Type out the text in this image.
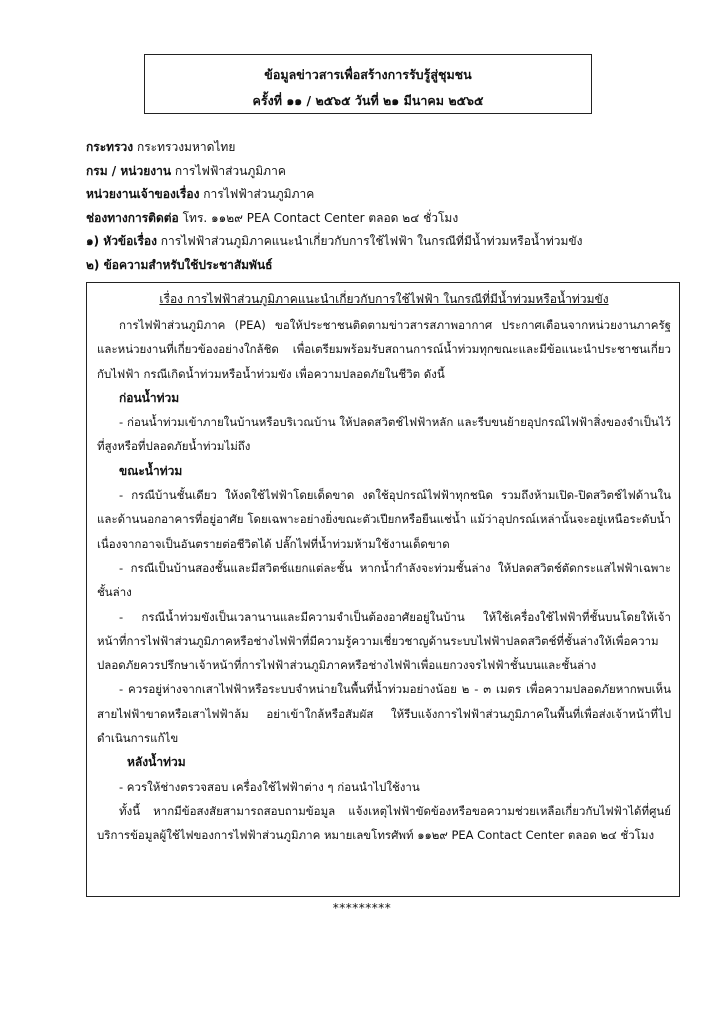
ข้อมูลข่าวสารเพื่อสร้างการรับรู้สู่ชุมชน
ครั้งที่ ๑๑ / ๒๕๖๕ วันที่ ๒๑ มีนาคม ๒๕๖๕
กระทรวง กระทรวงมหาดไทย
กรม / หน่วยงาน การไฟฟ้าส่วนภูมิภาค
หน่วยงานเจ้าของเรื่อง การไฟฟ้าส่วนภูมิภาค
ช่องทางการติดต่อ โทร. ๑๑๒๙ PEA Contact Center ตลอด ๒๔ ชั่วโมง
๑) หัวข้อเรื่อง การไฟฟ้าส่วนภูมิภาคแนะนำเกี่ยวกับการใช้ไฟฟ้า ในกรณีที่มีน้ำท่วมหรือน้ำท่วมขัง
๒) ข้อความสำหรับใช้ประชาสัมพันธ์
เรื่อง การไฟฟ้าส่วนภูมิภาคแนะนำเกี่ยวกับการใช้ไฟฟ้า ในกรณีที่มีน้ำท่วมหรือน้ำท่วมขัง
การไฟฟ้าส่วนภูมิภาค (PEA) ขอให้ประชาชนติดตามข่าวสารสภาพอากาศ ประกาศเตือนจากหน่วยงานภาครัฐและหน่วยงานที่เกี่ยวข้องอย่างใกล้ชิด เพื่อเตรียมพร้อมรับสถานการณ์น้ำท่วมทุกขณะและมีข้อแนะนำประชาชนเกี่ยวกับไฟฟ้า กรณีเกิดน้ำท่วมหรือน้ำท่วมขัง เพื่อความปลอดภัยในชีวิต ดังนี้
ก่อนน้ำท่วม
- ก่อนน้ำท่วมเข้าภายในบ้านหรือบริเวณบ้าน ให้ปลดสวิตช์ไฟฟ้าหลัก และรีบขนย้ายอุปกรณ์ไฟฟ้าสิ่งของจำเป็นไว้ที่สูงหรือที่ปลอดภัยน้ำท่วมไม่ถึง
ขณะน้ำท่วม
- กรณีบ้านชั้นเดียว ให้งดใช้ไฟฟ้าโดยเด็ดขาด งดใช้อุปกรณ์ไฟฟ้าทุกชนิด รวมถึงห้ามเปิด-ปิดสวิตช์ไฟด้านในและด้านนอกอาคารที่อยู่อาศัย โดยเฉพาะอย่างยิ่งขณะตัวเปียกหรือยืนแช่น้ำ แม้ว่าอุปกรณ์เหล่านั้นจะอยู่เหนือระดับน้ำ เนื่องจากอาจเป็นอันตรายต่อชีวิตได้ ปลั๊กไฟที่น้ำท่วมห้ามใช้งานเด็ดขาด
- กรณีเป็นบ้านสองชั้นและมีสวิตช์แยกแต่ละชั้น หากน้ำกำลังจะท่วมชั้นล่าง ให้ปลดสวิตช์ตัดกระแสไฟฟ้าเฉพาะชั้นล่าง
- กรณีน้ำท่วมขังเป็นเวลานานและมีความจำเป็นต้องอาศัยอยู่ในบ้าน ให้ใช้เครื่องใช้ไฟฟ้าที่ชั้นบนโดยให้เจ้าหน้าที่การไฟฟ้าส่วนภูมิภาคหรือช่างไฟฟ้าที่มีความรู้ความเชี่ยวชาญด้านระบบไฟฟ้าปลดสวิตช์ที่ชั้นล่างให้เพื่อความปลอดภัยควรปรึกษาเจ้าหน้าที่การไฟฟ้าส่วนภูมิภาคหรือช่างไฟฟ้าเพื่อแยกวงจรไฟฟ้าชั้นบนและชั้นล่าง
- ควรอยู่ห่างจากเสาไฟฟ้าหรือระบบจำหน่ายในพื้นที่น้ำท่วมอย่างน้อย ๒ - ๓ เมตร เพื่อความปลอดภัยหากพบเห็นสายไฟฟ้าขาดหรือเสาไฟฟ้าล้ม อย่าเข้าใกล้หรือสัมผัส ให้รีบแจ้งการไฟฟ้าส่วนภูมิภาคในพื้นที่เพื่อส่งเจ้าหน้าที่ไปดำเนินการแก้ไข
หลังน้ำท่วม
- ควรให้ช่างตรวจสอบ เครื่องใช้ไฟฟ้าต่าง ๆ ก่อนนำไปใช้งาน
ทั้งนี้ หากมีข้อสงสัยสามารถสอบถามข้อมูล แจ้งเหตุไฟฟ้าขัดข้องหรือขอความช่วยเหลือเกี่ยวกับไฟฟ้าได้ที่ศูนย์บริการข้อมูลผู้ใช้ไฟของการไฟฟ้าส่วนภูมิภาค หมายเลขโทรศัพท์ ๑๑๒๙ PEA Contact Center ตลอด ๒๔ ชั่วโมง
*********
